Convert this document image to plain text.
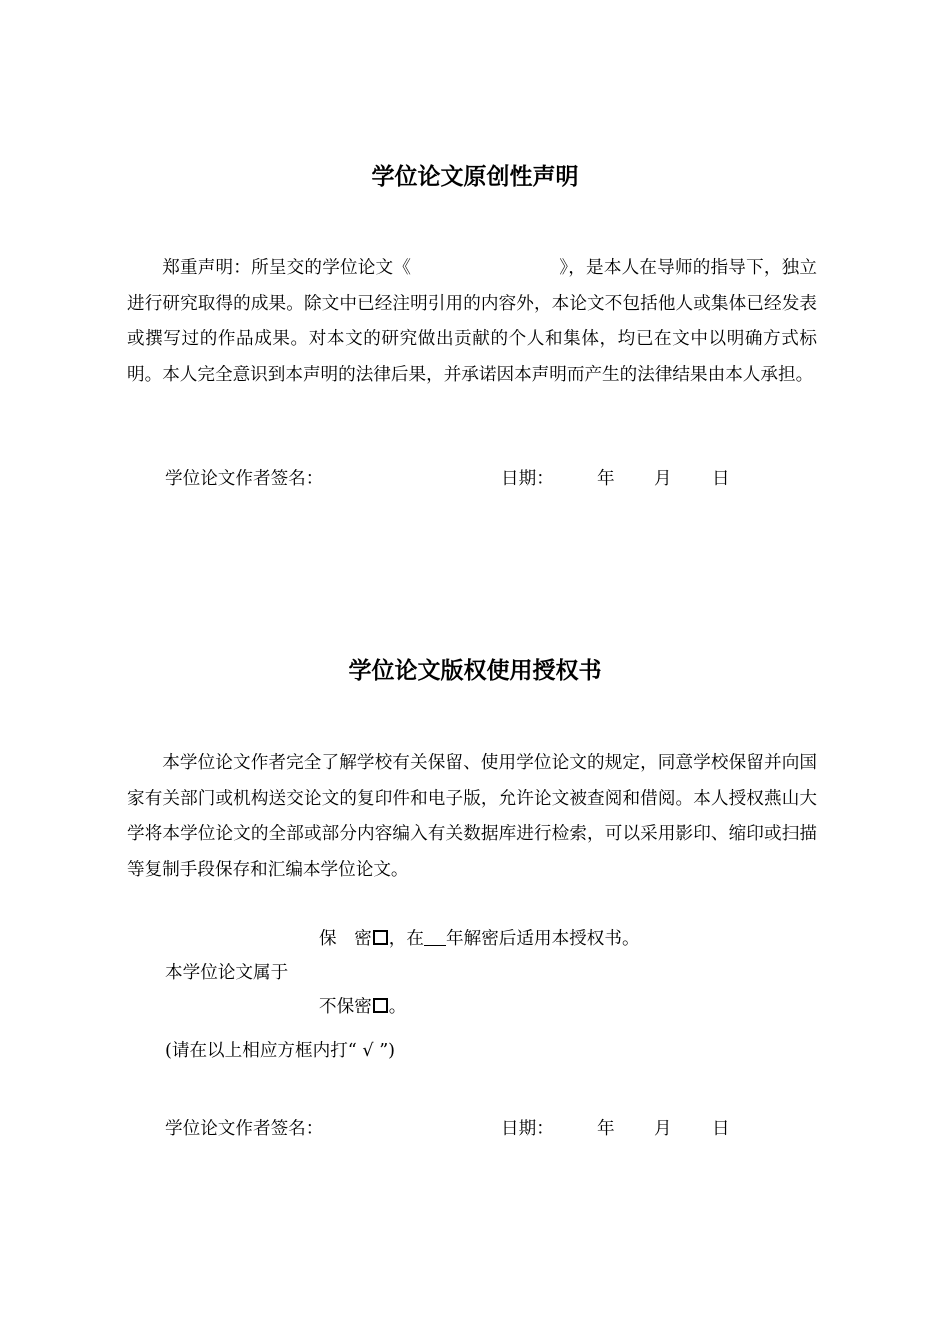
学位论文原创性声明

郑重声明：所呈交的学位论文《	》，是本人在导师的指导下，独立进行研究取得的成果。除文中已经注明引用的内容外，本论文不包括他人或集体已经发表或撰写过的作品成果。对本文的研究做出贡献的个人和集体，均已在文中以明确方式标明。本人完全意识到本声明的法律后果，并承诺因本声明而产生的法律结果由本人承担。

学位论文作者签名：	日期： 年 月 日
学位论文版权使用授权书

本学位论文作者完全了解学校有关保留、使用学位论文的规定，同意学校保留并向国家有关部门或机构送交论文的复印件和电子版，允许论文被查阅和借阅。本人授权燕山大学将本学位论文的全部或部分内容编入有关数据库进行检索，可以采用影印、缩印或扫描等复制手段保存和汇编本学位论文。

保　密 ，在 年解密后适用本授权书。
本学位论文属于
不保密 。
(请在以上相应方框内打“ √ ”)
学位论文作者签名：	日期： 年 月 日
